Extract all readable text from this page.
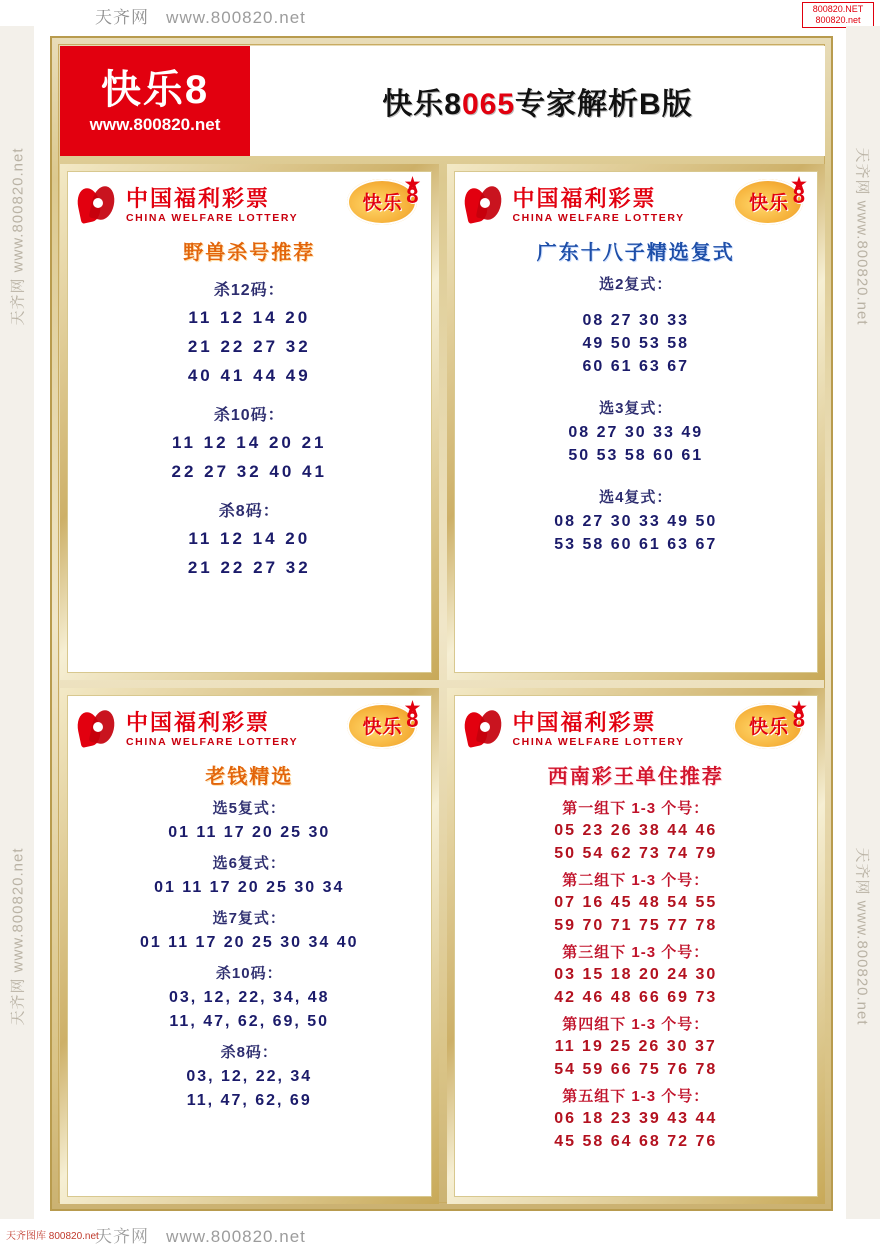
天齐网 www.800820.net	800820.NET
800820.net
天齐网 www.800820.net
天齐网 www.800820.net
天齐网 www.800820.net
天齐网 www.800820.net
快乐8
www.800820.net
快乐8065专家解析B版
中国福利彩票
CHINA WELFARE LOTTERY
快乐 8
野兽杀号推荐
杀12码：
11 12 14 20
21 22 27 32
40 41 44 49
杀10码：
11 12 14 20 21
22 27 32 40 41
杀8码：
11 12 14 20
21 22 27 32
中国福利彩票
CHINA WELFARE LOTTERY
快乐 8
广东十八子精选复式
选2复式：
08 27 30 33
49 50 53 58
60 61 63 67
选3复式：
08 27 30 33 49
50 53 58 60 61
选4复式：
08 27 30 33 49 50
53 58 60 61 63 67
中国福利彩票
CHINA WELFARE LOTTERY
快乐 8
老钱精选
选5复式：
01 11 17 20 25 30
选6复式：
01 11 17 20 25 30 34
选7复式：
01 11 17 20 25 30 34 40
杀10码：
03, 12, 22, 34, 48
11, 47, 62, 69, 50
杀8码：
03, 12, 22, 34
11, 47, 62, 69
中国福利彩票
CHINA WELFARE LOTTERY
快乐 8
西南彩王单住推荐
第一组下 1-3 个号：
05 23 26 38 44 46
50 54 62 73 74 79
第二组下 1-3 个号：
07 16 45 48 54 55
59 70 71 75 77 78
第三组下 1-3 个号：
03 15 18 20 24 30
42 46 48 66 69 73
第四组下 1-3 个号：
11 19 25 26 30 37
54 59 66 75 76 78
第五组下 1-3 个号：
06 18 23 39 43 44
45 58 64 68 72 76
天齐网 www.800820.net
天齐图库 800820.net
